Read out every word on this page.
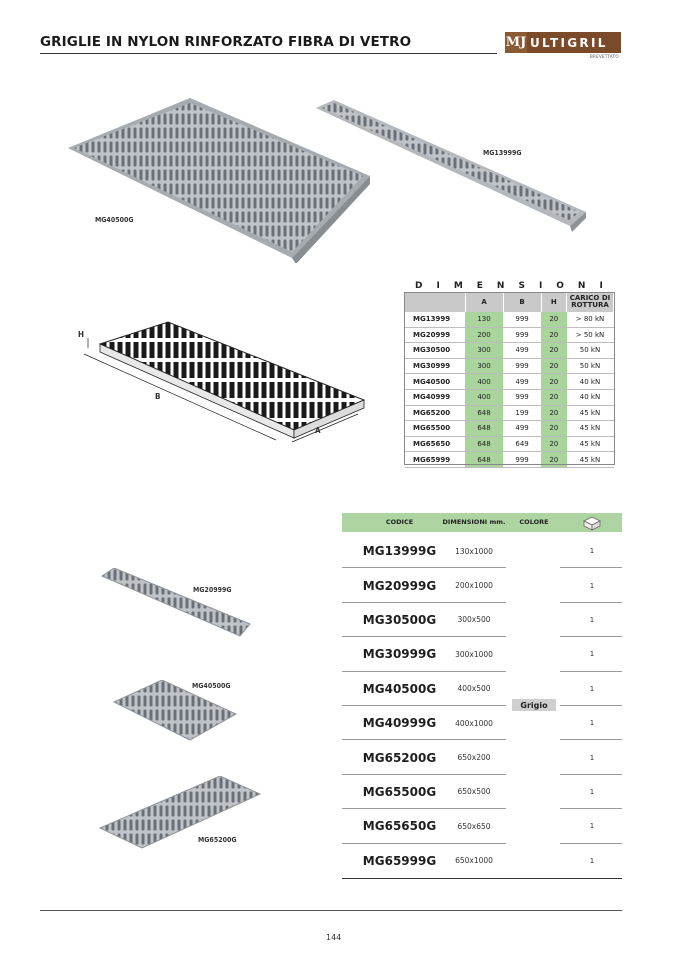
GRIGLIE IN NYLON RINFORZATO FIBRA DI VETRO	MJ ULTIGRIL
BREVETTATO
MG40500G
MG13999G
H
B
A
DIMENSIONI
	A	B	H	CARICO DI ROTTURA
MG13999	130	999	20	> 80 kN
MG20999	200	999	20	> 50 kN
MG30500	300	499	20	50 kN
MG30999	300	999	20	50 kN
MG40500	400	499	20	40 kN
MG40999	400	999	20	40 kN
MG65200	648	199	20	45 kN
MG65500	648	499	20	45 kN
MG65650	648	649	20	45 kN
MG65999	648	999	20	45 kN
MG20999G
MG40500G
MG65200G
CODICE	DIMENSIONI mm.	COLORE
MG13999G	130x1000	1
MG20999G	200x1000	1
MG30500G	300x500	1
MG30999G	300x1000	1
MG40500G	400x500	1
MG40999G	400x1000	1
MG65200G	650x200	1
MG65500G	650x500	1
MG65650G	650x650	1
MG65999G	650x1000	1
Grigio
144
